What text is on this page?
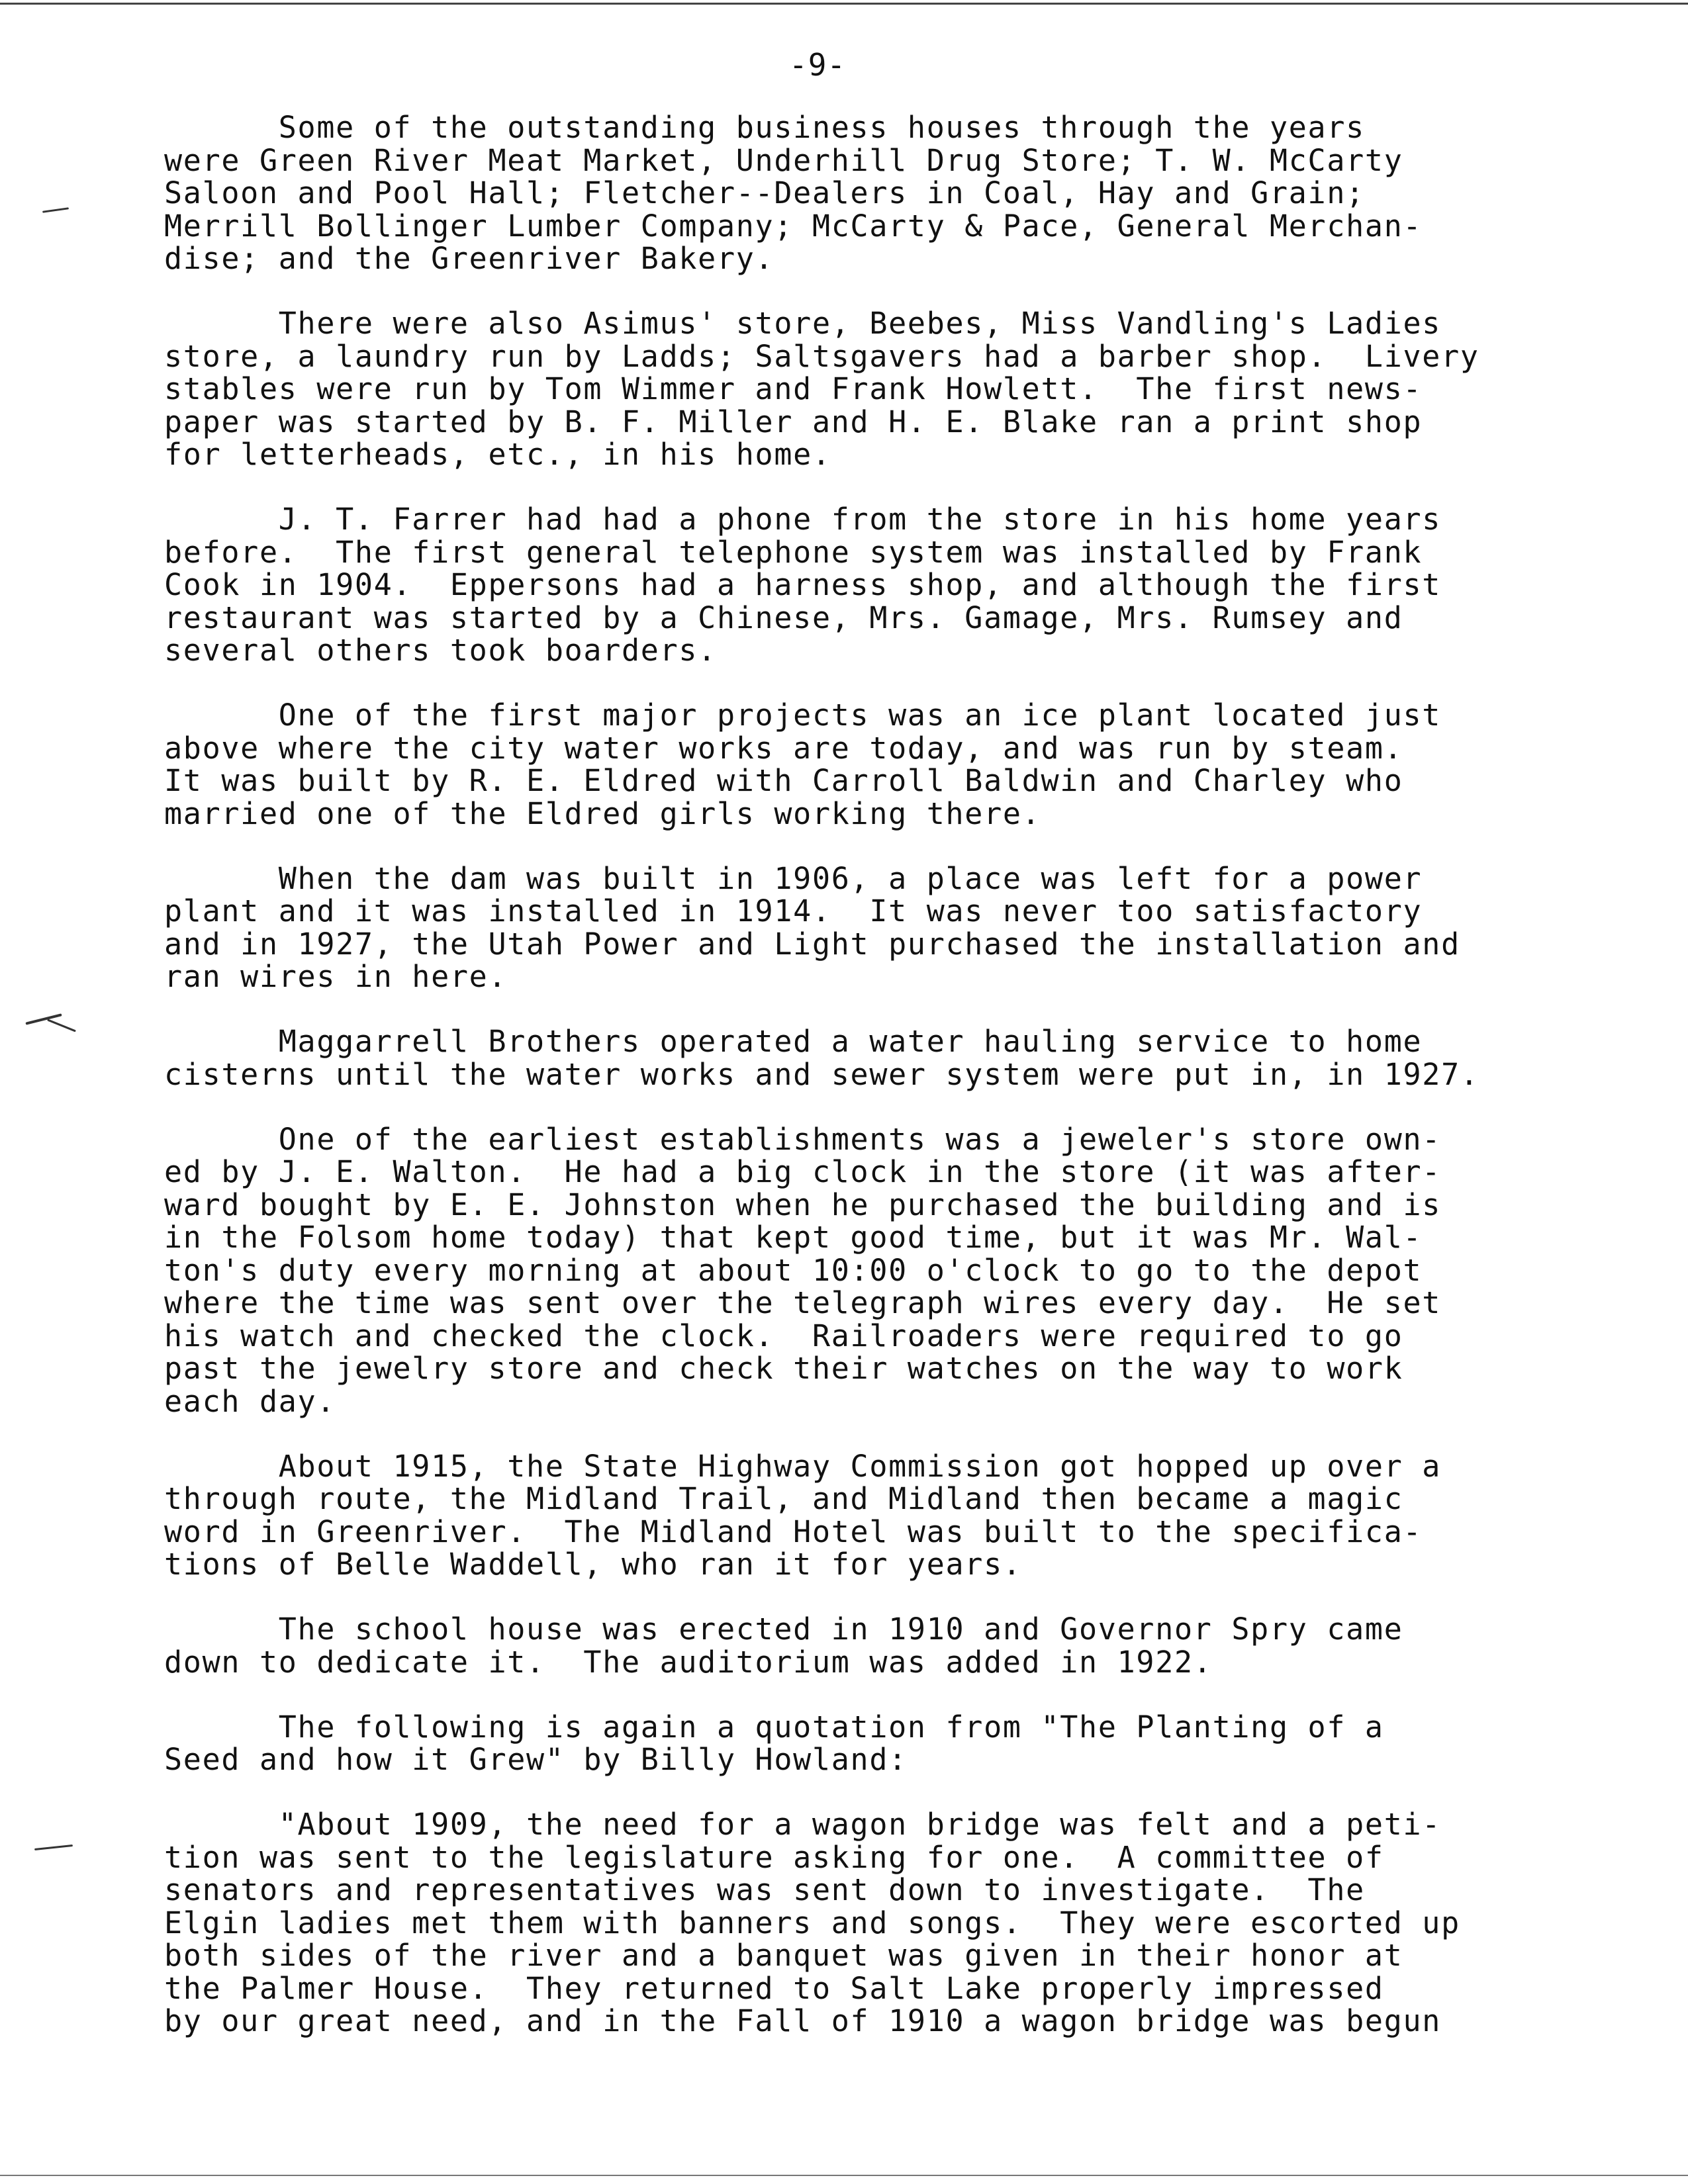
-9-
Some of the outstanding business houses through the years
were Green River Meat Market, Underhill Drug Store; T. W. McCarty
Saloon and Pool Hall; Fletcher--Dealers in Coal, Hay and Grain;
Merrill Bollinger Lumber Company; McCarty & Pace, General Merchan-
dise; and the Greenriver Bakery.
There were also Asimus' store, Beebes, Miss Vandling's Ladies
store, a laundry run by Ladds; Saltsgavers had a barber shop.  Livery
stables were run by Tom Wimmer and Frank Howlett.  The first news-
paper was started by B. F. Miller and H. E. Blake ran a print shop
for letterheads, etc., in his home.
J. T. Farrer had had a phone from the store in his home years
before.  The first general telephone system was installed by Frank
Cook in 1904.  Eppersons had a harness shop, and although the first
restaurant was started by a Chinese, Mrs. Gamage, Mrs. Rumsey and
several others took boarders.
One of the first major projects was an ice plant located just
above where the city water works are today, and was run by steam.
It was built by R. E. Eldred with Carroll Baldwin and Charley who
married one of the Eldred girls working there.
When the dam was built in 1906, a place was left for a power
plant and it was installed in 1914.  It was never too satisfactory
and in 1927, the Utah Power and Light purchased the installation and
ran wires in here.
Maggarrell Brothers operated a water hauling service to home
cisterns until the water works and sewer system were put in, in 1927.
One of the earliest establishments was a jeweler's store own-
ed by J. E. Walton.  He had a big clock in the store (it was after-
ward bought by E. E. Johnston when he purchased the building and is
in the Folsom home today) that kept good time, but it was Mr. Wal-
ton's duty every morning at about 10:00 o'clock to go to the depot
where the time was sent over the telegraph wires every day.  He set
his watch and checked the clock.  Railroaders were required to go
past the jewelry store and check their watches on the way to work
each day.
About 1915, the State Highway Commission got hopped up over a
through route, the Midland Trail, and Midland then became a magic
word in Greenriver.  The Midland Hotel was built to the specifica-
tions of Belle Waddell, who ran it for years.
The school house was erected in 1910 and Governor Spry came
down to dedicate it.  The auditorium was added in 1922.
The following is again a quotation from "The Planting of a
Seed and how it Grew" by Billy Howland:
"About 1909, the need for a wagon bridge was felt and a peti-
tion was sent to the legislature asking for one.  A committee of
senators and representatives was sent down to investigate.  The
Elgin ladies met them with banners and songs.  They were escorted up
both sides of the river and a banquet was given in their honor at
the Palmer House.  They returned to Salt Lake properly impressed
by our great need, and in the Fall of 1910 a wagon bridge was begun
